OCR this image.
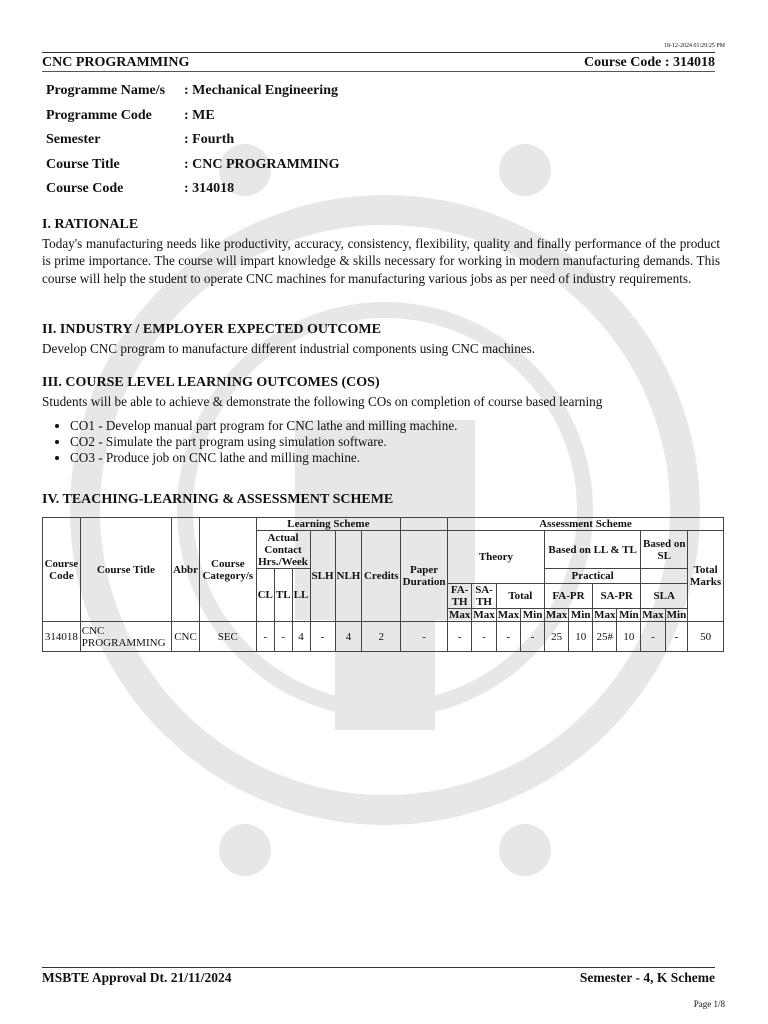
18-12-2024 01:29:25 PM
CNC PROGRAMMING	Course Code : 314018
Programme Name/s	: Mechanical Engineering
Programme Code	: ME
Semester	: Fourth
Course Title	: CNC PROGRAMMING
Course Code	: 314018
I. RATIONALE
Today's manufacturing needs like productivity, accuracy, consistency, flexibility, quality and finally performance of the product is prime importance. The course will impart knowledge & skills necessary for working in modern manufacturing demands. This course will help the student to operate CNC machines for manufacturing various jobs as per need of industry requirements.
II. INDUSTRY / EMPLOYER EXPECTED OUTCOME
Develop CNC program to manufacture different industrial components using CNC machines.
III. COURSE LEVEL LEARNING OUTCOMES (COS)
Students will be able to achieve & demonstrate the following COs on completion of course based learning
• CO1 - Develop manual part program for CNC lathe and milling machine.
• CO2 - Simulate the part program using simulation software.
• CO3 - Produce job on CNC lathe and milling machine.
IV. TEACHING-LEARNING & ASSESSMENT SCHEME
Course Code	Course Title	Abbr	Course Category/s	Learning Scheme							Assessment Scheme										
				Actual Contact Hrs./Week			SLH	NLH	Credits	Paper Duration	Theory				Based on LL & TL				Based on SL		Total Marks
				CL	TL	LL									Practical						
											FA-TH	SA-TH	Total		FA-PR		SA-PR		SLA		
											Max	Max	Max	Min	Max	Min	Max	Min	Max	Min	
314018	CNC PROGRAMMING	CNC	SEC	-	-	4	-	4	2	-	-	-	-	-	25	10	25#	10	-	-	50
MSBTE Approval Dt. 21/11/2024	Semester - 4, K Scheme
Page 1/8
